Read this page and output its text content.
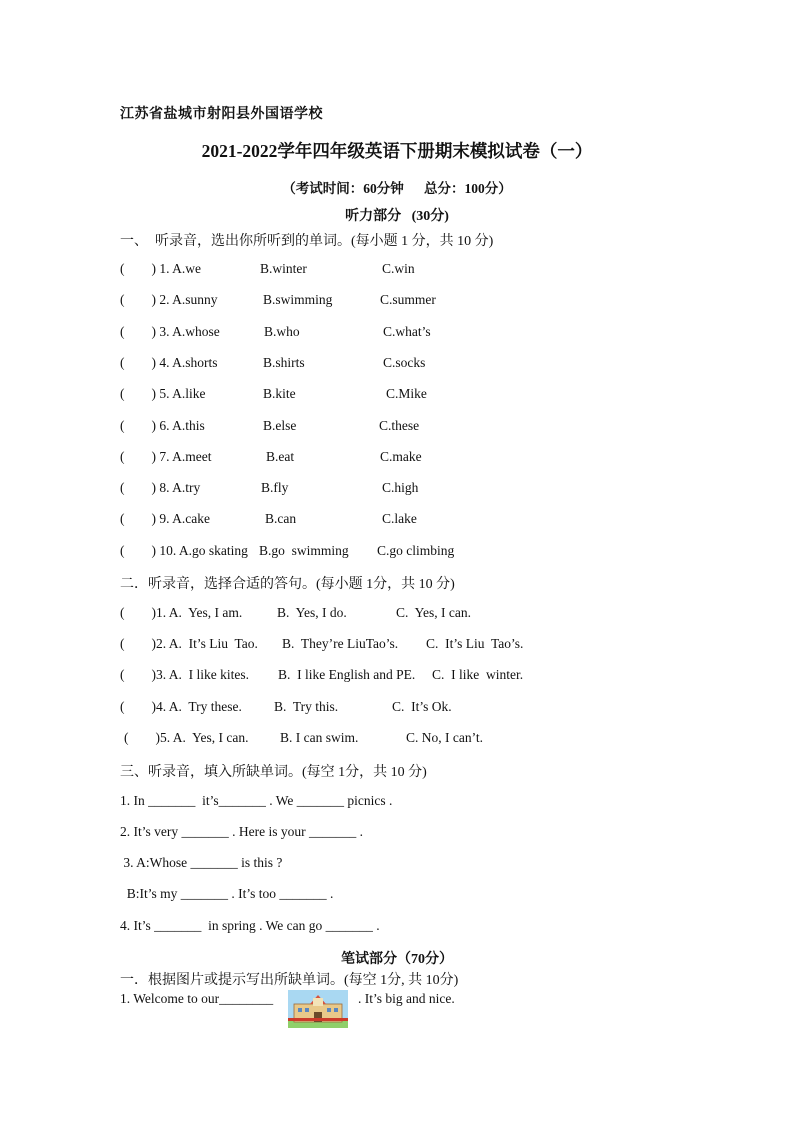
江苏省盐城市射阳县外国语学校
2021-2022学年四年级英语下册期末模拟试卷（一）
（考试时间：60分钟      总分：100分）
听力部分   (30分)
一、  听录音，选出你所听到的单词。(每小题 1 分，共 10 分)
(        ) 1. A.we	B.winter	C.win
(        ) 2. A.sunny	B.swimming	C.summer
(        ) 3. A.whose	B.who	C.what’s
(        ) 4. A.shorts	B.shirts	C.socks
(        ) 5. A.like	B.kite	C.Mike
(        ) 6. A.this	B.else	C.these
(        ) 7. A.meet	B.eat	C.make
(        ) 8. A.try	B.fly	C.high
(        ) 9. A.cake	B.can	C.lake
(        ) 10. A.go skating B.go  swimming C.go climbing
二．听录音，选择合适的答句。(每小题 1分，共 10 分)
(        )1. A.  Yes, I am.	B.  Yes, I do.	C.  Yes, I can.
(        )2. A.  It’s Liu  Tao. B.  They’re LiuTao’s. C.  It’s Liu  Tao’s.
(        )3. A.  I like kites. B.  I like English and PE. C.  I like  winter.
(        )4. A.  Try these. B.  Try this.	C.  It’s Ok.
(        )5. A.  Yes, I can. B. I can swim.	C. No, I can’t.
三、听录音，填入所缺单词。(每空 1分，共 10 分)
1. In _______  it’s_______ . We _______ picnics .
2. It’s very _______ . Here is your _______ .
3. A:Whose _______ is this ?
B:It’s my _______ . It’s too _______ .
4. It’s _______  in spring . We can go _______ .
笔试部分（70分）
一．根据图片或提示写出所缺单词。(每空 1分, 共 10分)
1. Welcome to our________	. It’s big and nice.
